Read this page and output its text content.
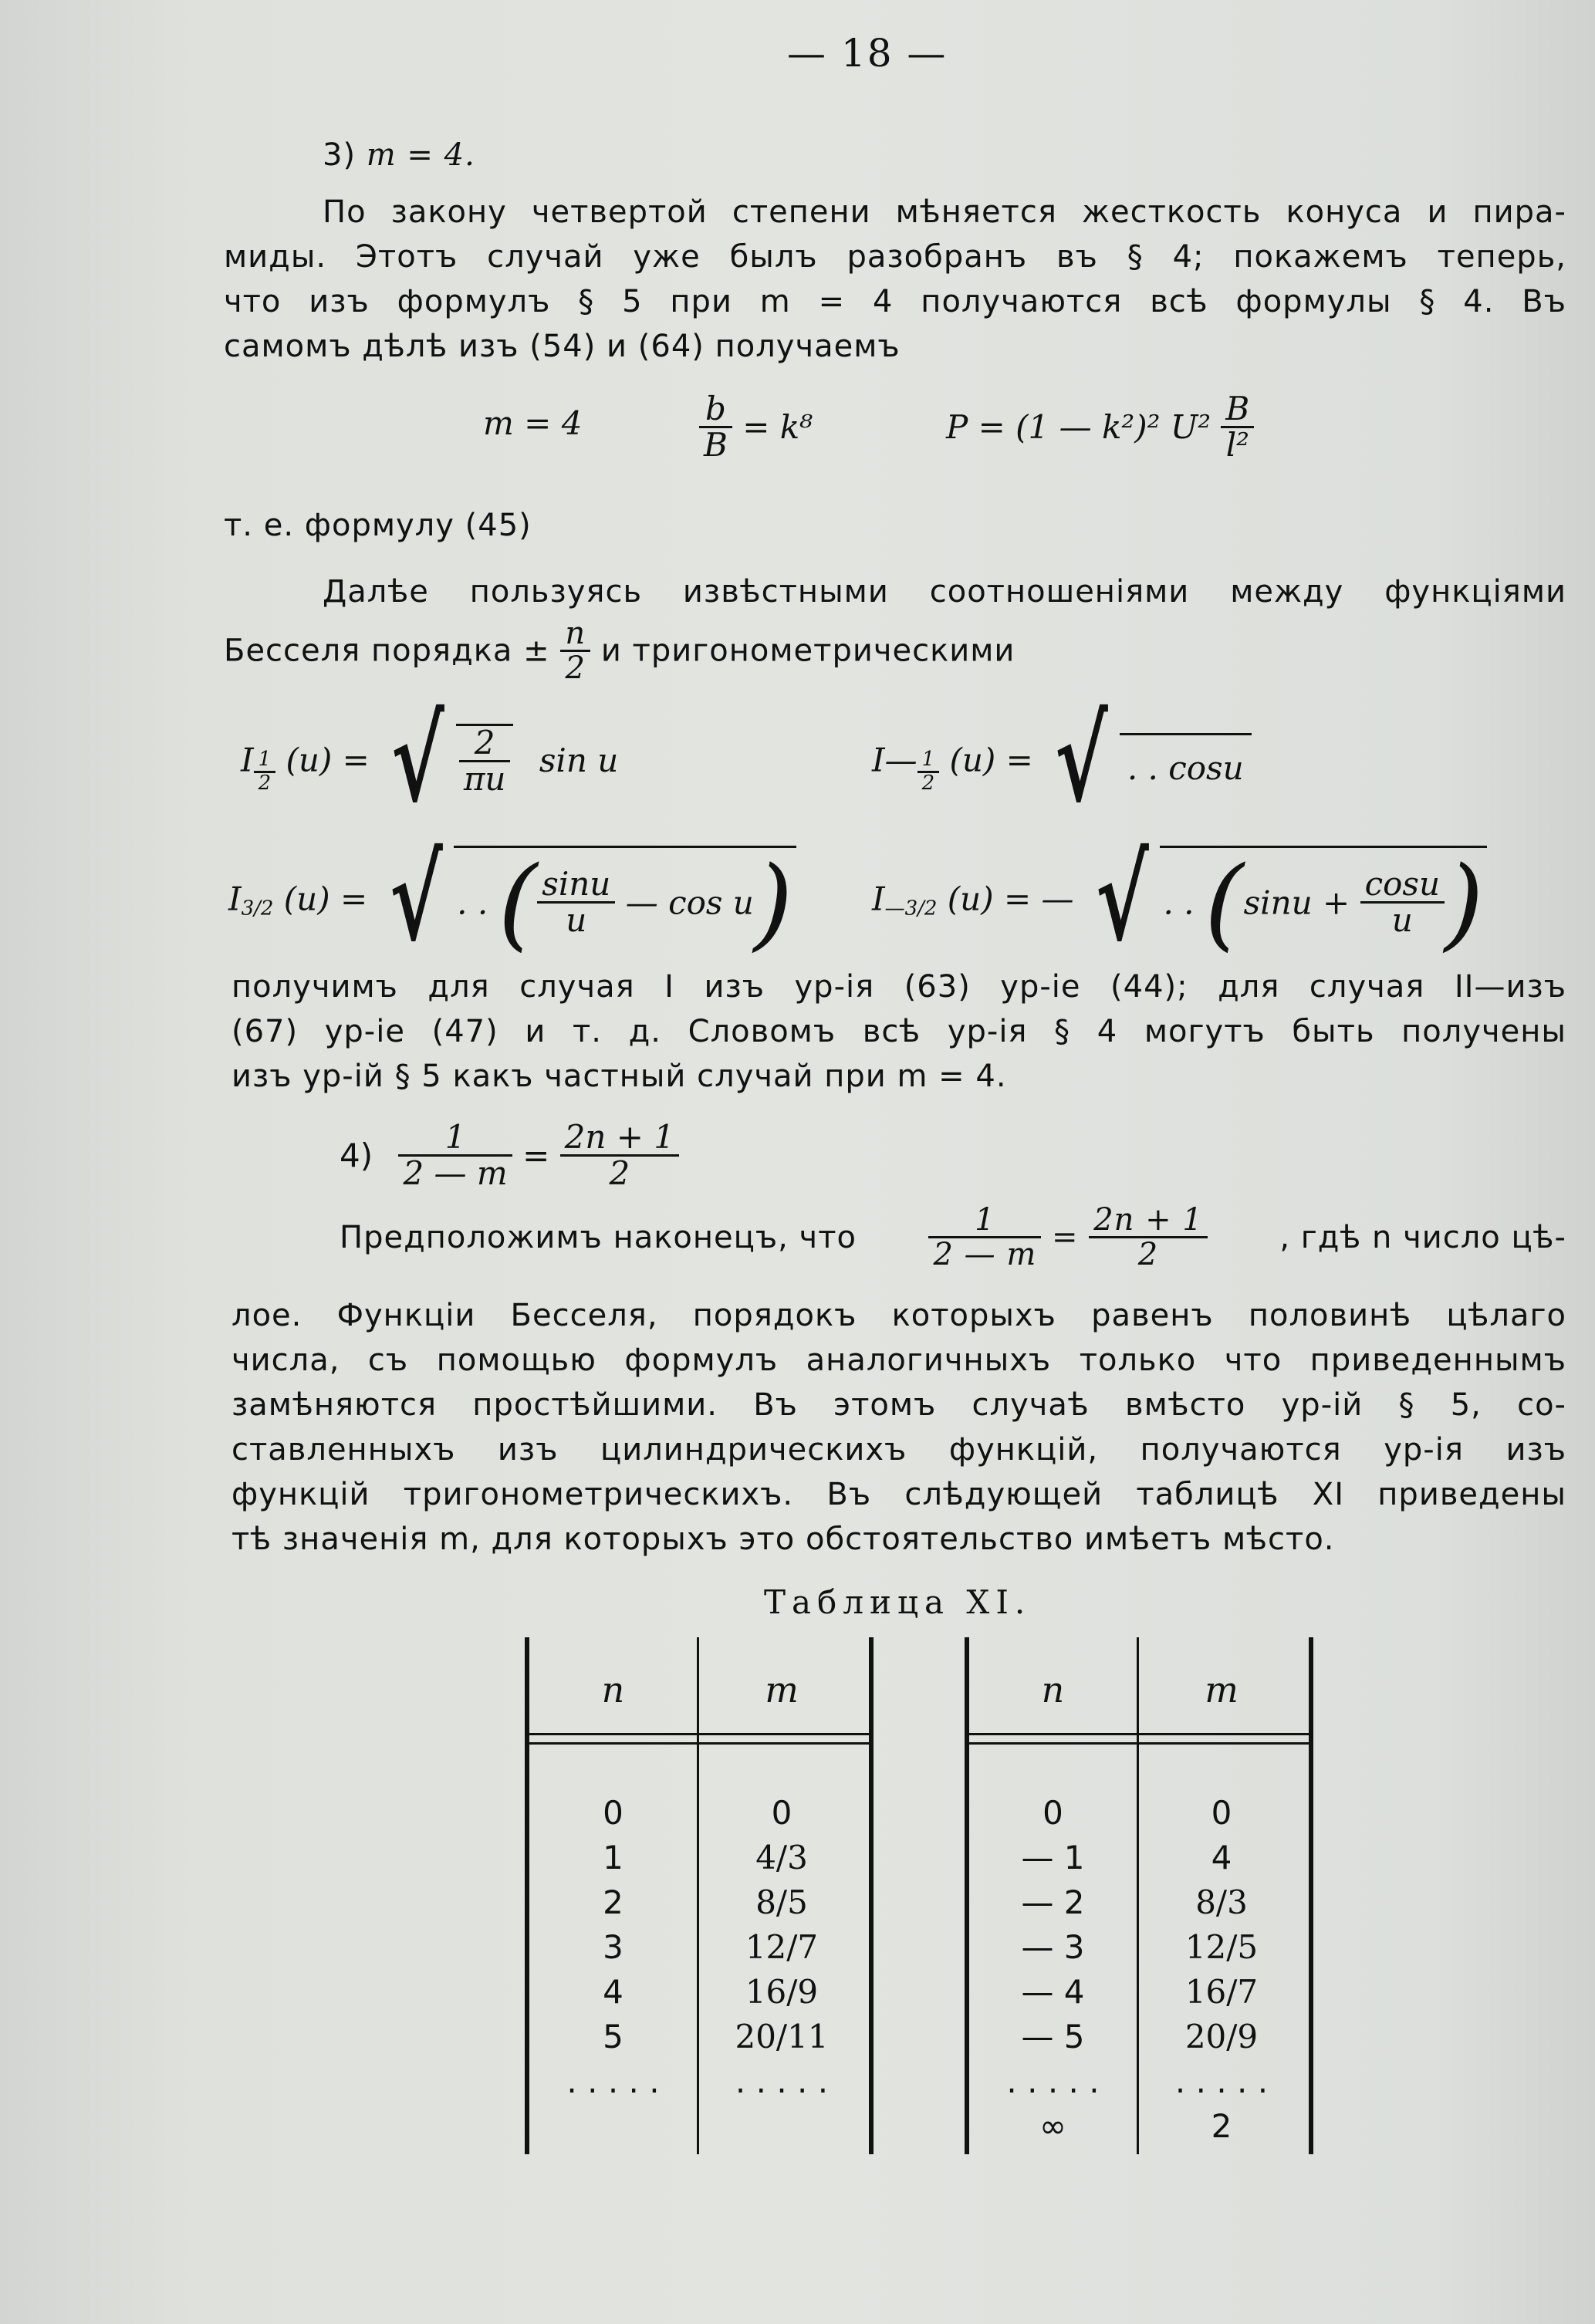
— 18 —
3) m = 4.
По закону четвертой степени мѣняется жесткость конуса и пира-
миды. Этотъ случай уже былъ разобранъ въ § 4; покажемъ теперь,
что изъ формулъ § 5 при m = 4 получаются всѣ формулы § 4. Въ
самомъ дѣлѣ изъ (54) и (64) получаемъ
m = 4	$\frac{b}{B} = k^8$	P = (1 — k²)² $U^2 \frac{B}{\text{l²}}$
т. е. формулу (45)
Далѣе пользуясь извѣстными соотношеніями между функціями
Бесселя порядка ± $\frac{n}{2}$ и тригонометрическими
I $\frac{1}{2} (u)$ = √ $\frac{2}{\pi u}$ sin u	I— $\frac{1}{2} (u)$ = √ . . cosu
$I_{3/2}$ (u) = √ . . ( $\frac{\sin u}{u}$ — cos u) $I_{—3/2}$ (u) = — √ . . ($\sin u + \frac{\cos u}{u}$ )
получимъ для случая I изъ ур-ія (63) ур-іе (44); для случая II—изъ
(67) ур-іе (47) и т. д. Словомъ всѣ ур-ія § 4 могутъ быть получены
изъ ур-ій § 5 какъ частный случай при m = 4.
$4) \frac{1}{2 — m} = \frac{2n + 1}{2}$
Предположимъ наконецъ, что $\frac{1}{2 — m} = \frac{2n + 1}{2}$ , гдѣ n число цѣ-
лое. Функціи Бесселя, порядокъ которыхъ равенъ половинѣ цѣлаго
числа, съ помощью формулъ аналогичныхъ только что приведеннымъ
замѣняются простѣйшими. Въ этомъ случаѣ вмѣсто ур-ій § 5, со-
ставленныхъ изъ цилиндрическихъ функцій, получаются ур-ія изъ
функцій тригонометрическихъ. Въ слѣдующей таблицѣ XI приведены
тѣ значенія m, для которыхъ это обстоятельство имѣетъ мѣсто.
Таблица XI.
n	m
0	0
1	4/3
2	8/5
3	12/7
4	16/9
5	20/11
. . . . .	. . . . .
n	m
0	0
— 1	4
— 2	8/3
— 3	12/5
— 4	16/7
— 5	20/9
. . . . .	. . . . .
∞	2
